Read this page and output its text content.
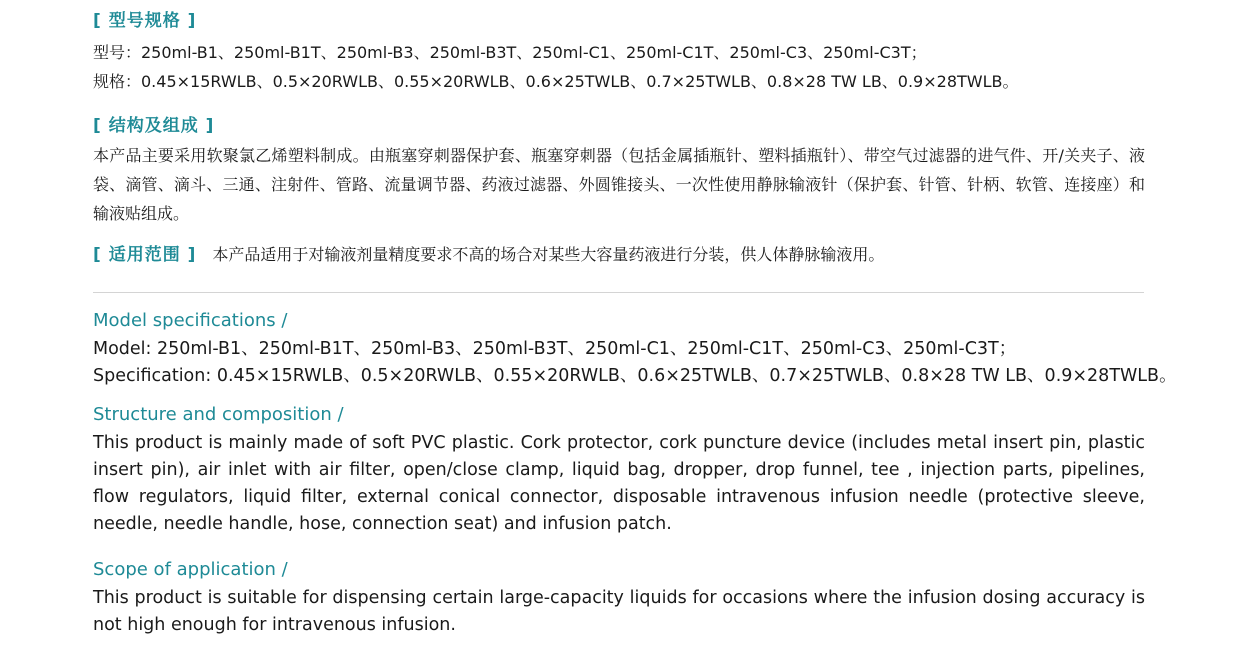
[ 型号规格 ]
型号：250ml-B1、250ml-B1T、250ml-B3、250ml-B3T、250ml-C1、250ml-C1T、250ml-C3、250ml-C3T；
规格：0.45×15RWLB、0.5×20RWLB、0.55×20RWLB、0.6×25TWLB、0.7×25TWLB、0.8×28 TW LB、0.9×28TWLB。
[ 结构及组成 ]
本产品主要采用软聚氯乙烯塑料制成。由瓶塞穿刺器保护套、瓶塞穿刺器（包括金属插瓶针、塑料插瓶针）、带空气过滤器的进气件、开/关夹子、液袋、滴管、滴斗、三通、注射件、管路、流量调节器、药液过滤器、外圆锥接头、一次性使用静脉输液针（保护套、针管、针柄、软管、连接座）和输液贴组成。
[ 适用范围 ] 本产品适用于对输液剂量精度要求不高的场合对某些大容量药液进行分装，供人体静脉输液用。
Model specifications /
Model: 250ml-B1、250ml-B1T、250ml-B3、250ml-B3T、250ml-C1、250ml-C1T、250ml-C3、250ml-C3T；
Specification: 0.45×15RWLB、0.5×20RWLB、0.55×20RWLB、0.6×25TWLB、0.7×25TWLB、0.8×28 TW LB、0.9×28TWLB。
Structure and composition /
This product is mainly made of soft PVC plastic. Cork protector, cork puncture device (includes metal insert pin, plastic insert pin), air inlet with air filter, open/close clamp, liquid bag, dropper, drop funnel, tee , injection parts, pipelines, flow regulators, liquid filter, external conical connector, disposable intravenous infusion needle (protective sleeve, needle, needle handle, hose, connection seat) and infusion patch.
Scope of application /
This product is suitable for dispensing certain large-capacity liquids for occasions where the infusion dosing accuracy is not high enough for intravenous infusion.
